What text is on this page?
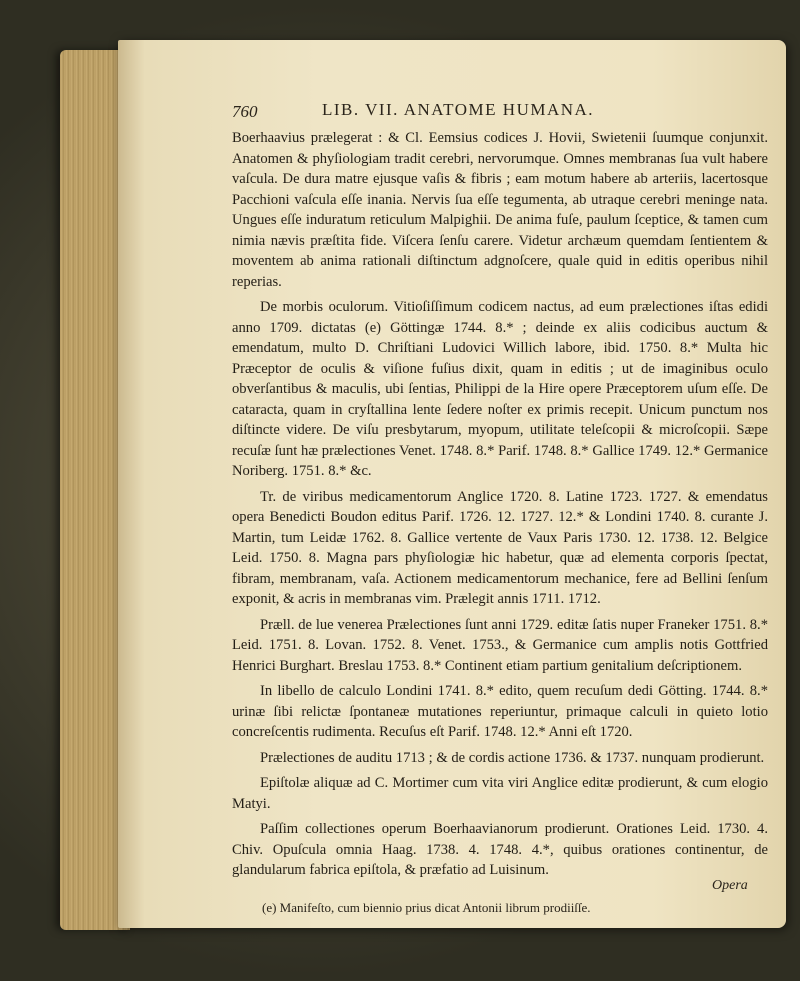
760	LIB. VII. ANATOME HUMANA.

Boerhaavius prælegerat : & Cl. Eemsius codices J. Hovii, Swietenii ſuumque conjunxit. Anatomen & phyſiologiam tradit cerebri, nervorumque. Omnes membranas ſua vult habere vaſcula. De dura matre ejusque vaſis & fibris ; eam motum habere ab arteriis, lacertosque Pacchioni vaſcula eſſe inania. Nervis ſua eſſe tegumenta, ab utraque cerebri meninge nata. Ungues eſſe induratum reticulum Malpighii. De anima fuſe, paulum ſceptice, & tamen cum nimia nævis præſtita fide. Viſcera ſenſu carere. Videtur archæum quemdam ſentientem & moventem ab anima rationali diſtinctum adgnoſcere, quale quid in editis operibus nihil reperias.

De morbis oculorum. Vitioſiſſimum codicem nactus, ad eum prælectiones iſtas edidi anno 1709. dictatas (e) Göttingæ 1744. 8.* ; deinde ex aliis codicibus auctum & emendatum, multo D. Chriſtiani Ludovici Willich labore, ibid. 1750. 8.* Multa hic Præceptor de oculis & viſione fuſius dixit, quam in editis ; ut de imaginibus oculo obverſantibus & maculis, ubi ſentias, Philippi de la Hire opere Præceptorem uſum eſſe. De cataracta, quam in cryſtallina lente ſedere noſter ex primis recepit. Unicum punctum nos diſtincte videre. De viſu presbytarum, myopum, utilitate teleſcopii & microſcopii. Sæpe recuſæ ſunt hæ prælectiones Venet. 1748. 8.* Parif. 1748. 8.* Gallice 1749. 12.* Germanice Noriberg. 1751. 8.* &c.

Tr. de viribus medicamentorum Anglice 1720. 8. Latine 1723. 1727. & emendatus opera Benedicti Boudon editus Parif. 1726. 12. 1727. 12.* & Londini 1740. 8. curante J. Martin, tum Leidæ 1762. 8. Gallice vertente de Vaux Paris 1730. 12. 1738. 12. Belgice Leid. 1750. 8. Magna pars phyſiologiæ hic habetur, quæ ad elementa corporis ſpectat, fibram, membranam, vaſa. Actionem medicamentorum mechanice, fere ad Bellini ſenſum exponit, & acris in membranas vim. Prælegit annis 1711. 1712.

Præll. de lue venerea Prælectiones ſunt anni 1729. editæ ſatis nuper Franeker 1751. 8.* Leid. 1751. 8. Lovan. 1752. 8. Venet. 1753., & Germanice cum amplis notis Gottfried Henrici Burghart. Breslau 1753. 8.* Continent etiam partium genitalium deſcriptionem.

In libello de calculo Londini 1741. 8.* edito, quem recuſum dedi Götting. 1744. 8.* urinæ ſibi relictæ ſpontaneæ mutationes reperiuntur, primaque calculi in quieto lotio concreſcentis rudimenta. Recuſus eſt Parif. 1748. 12.* Anni eſt 1720.

Prælectiones de auditu 1713 ; & de cordis actione 1736. & 1737. nunquam prodierunt.

Epiſtolæ aliquæ ad C. Mortimer cum vita viri Anglice editæ prodierunt, & cum elogio Matyi.

Paſſim collectiones operum Boerhaavianorum prodierunt. Orationes Leid. 1730. 4. Chiv. Opuſcula omnia Haag. 1738. 4. 1748. 4.*, quibus orationes continentur, de glandularum fabrica epiſtola, & præfatio ad Luisinum.

Opera
(e) Manifeſto, cum biennio prius dicat Antonii librum prodiiſſe.
